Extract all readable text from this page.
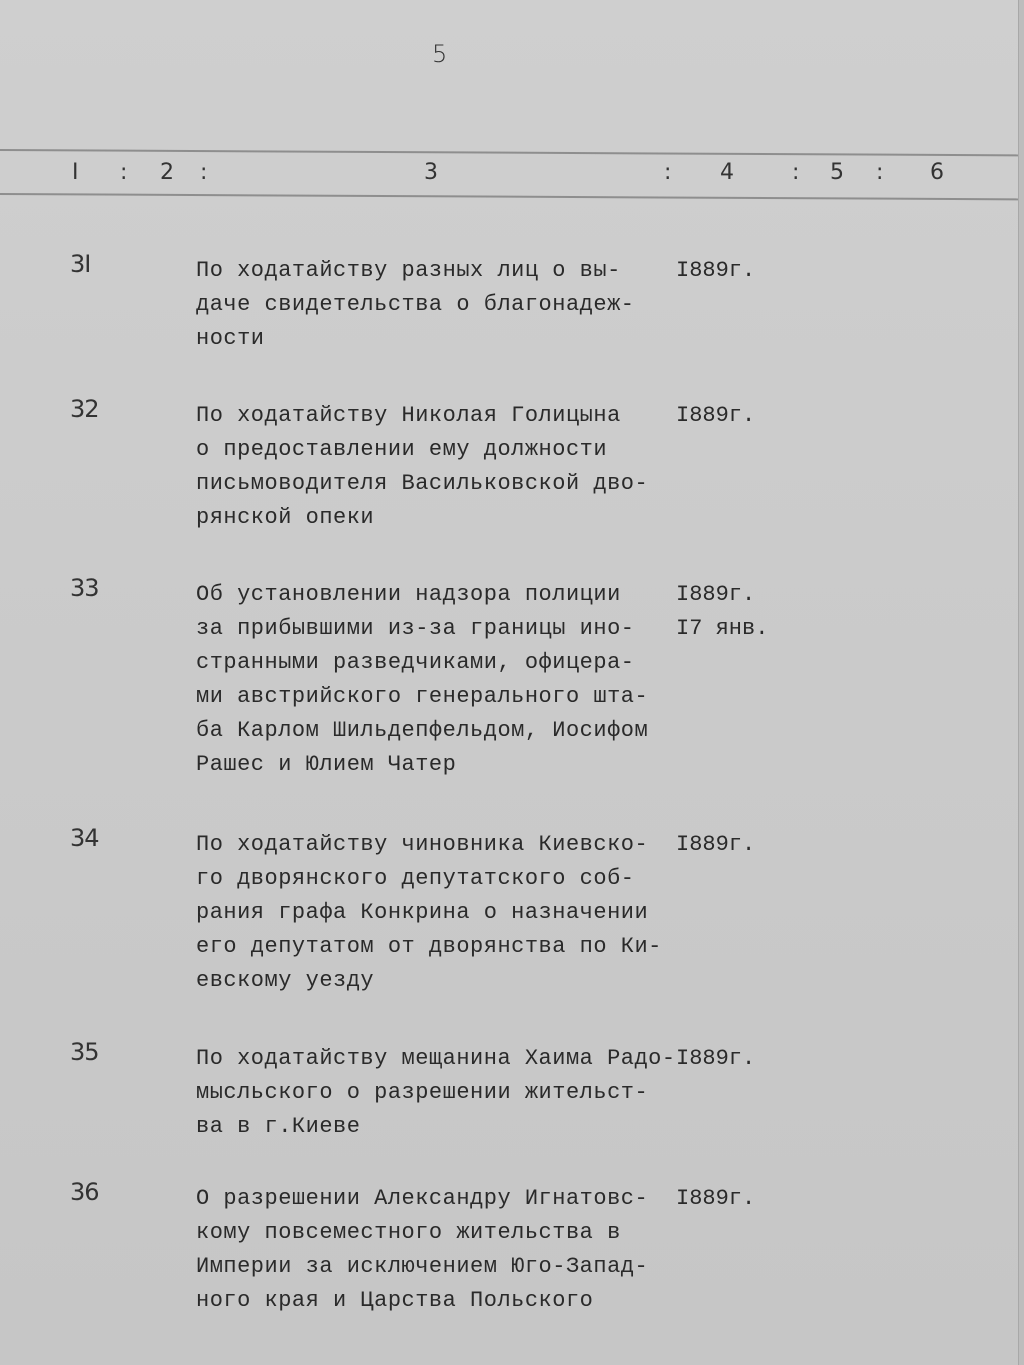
5
I : 2 :	3	: 4	: 5 : 6
3I	По ходатайству разных лиц о вы-
даче свидетельства о благонадеж-
ности
I889г.
32	По ходатайству Николая Голицына
о предоставлении ему должности
письмоводителя Васильковской дво-
рянской опеки
I889г.
33	Об установлении надзора полиции
за прибывшими из-за границы ино-
странными разведчиками, офицера-
ми австрийского генерального шта-
ба Карлом Шильдепфельдом, Иосифом
Рашес и Юлием Чатер
I889г.
I7 янв.
34	По ходатайству чиновника Киевско-
го дворянского депутатского соб-
рания графа Конкрина о назначении
его депутатом от дворянства по Ки-
евскому уезду
I889г.
35	По ходатайству мещанина Хаима Радо-
мысльского о разрешении жительст-
ва в г.Киеве
I889г.
36	О разрешении Александру Игнатовс-
кому повсеместного жительства в
Империи за исключением Юго-Запад-
ного края и Царства Польского
I889г.
